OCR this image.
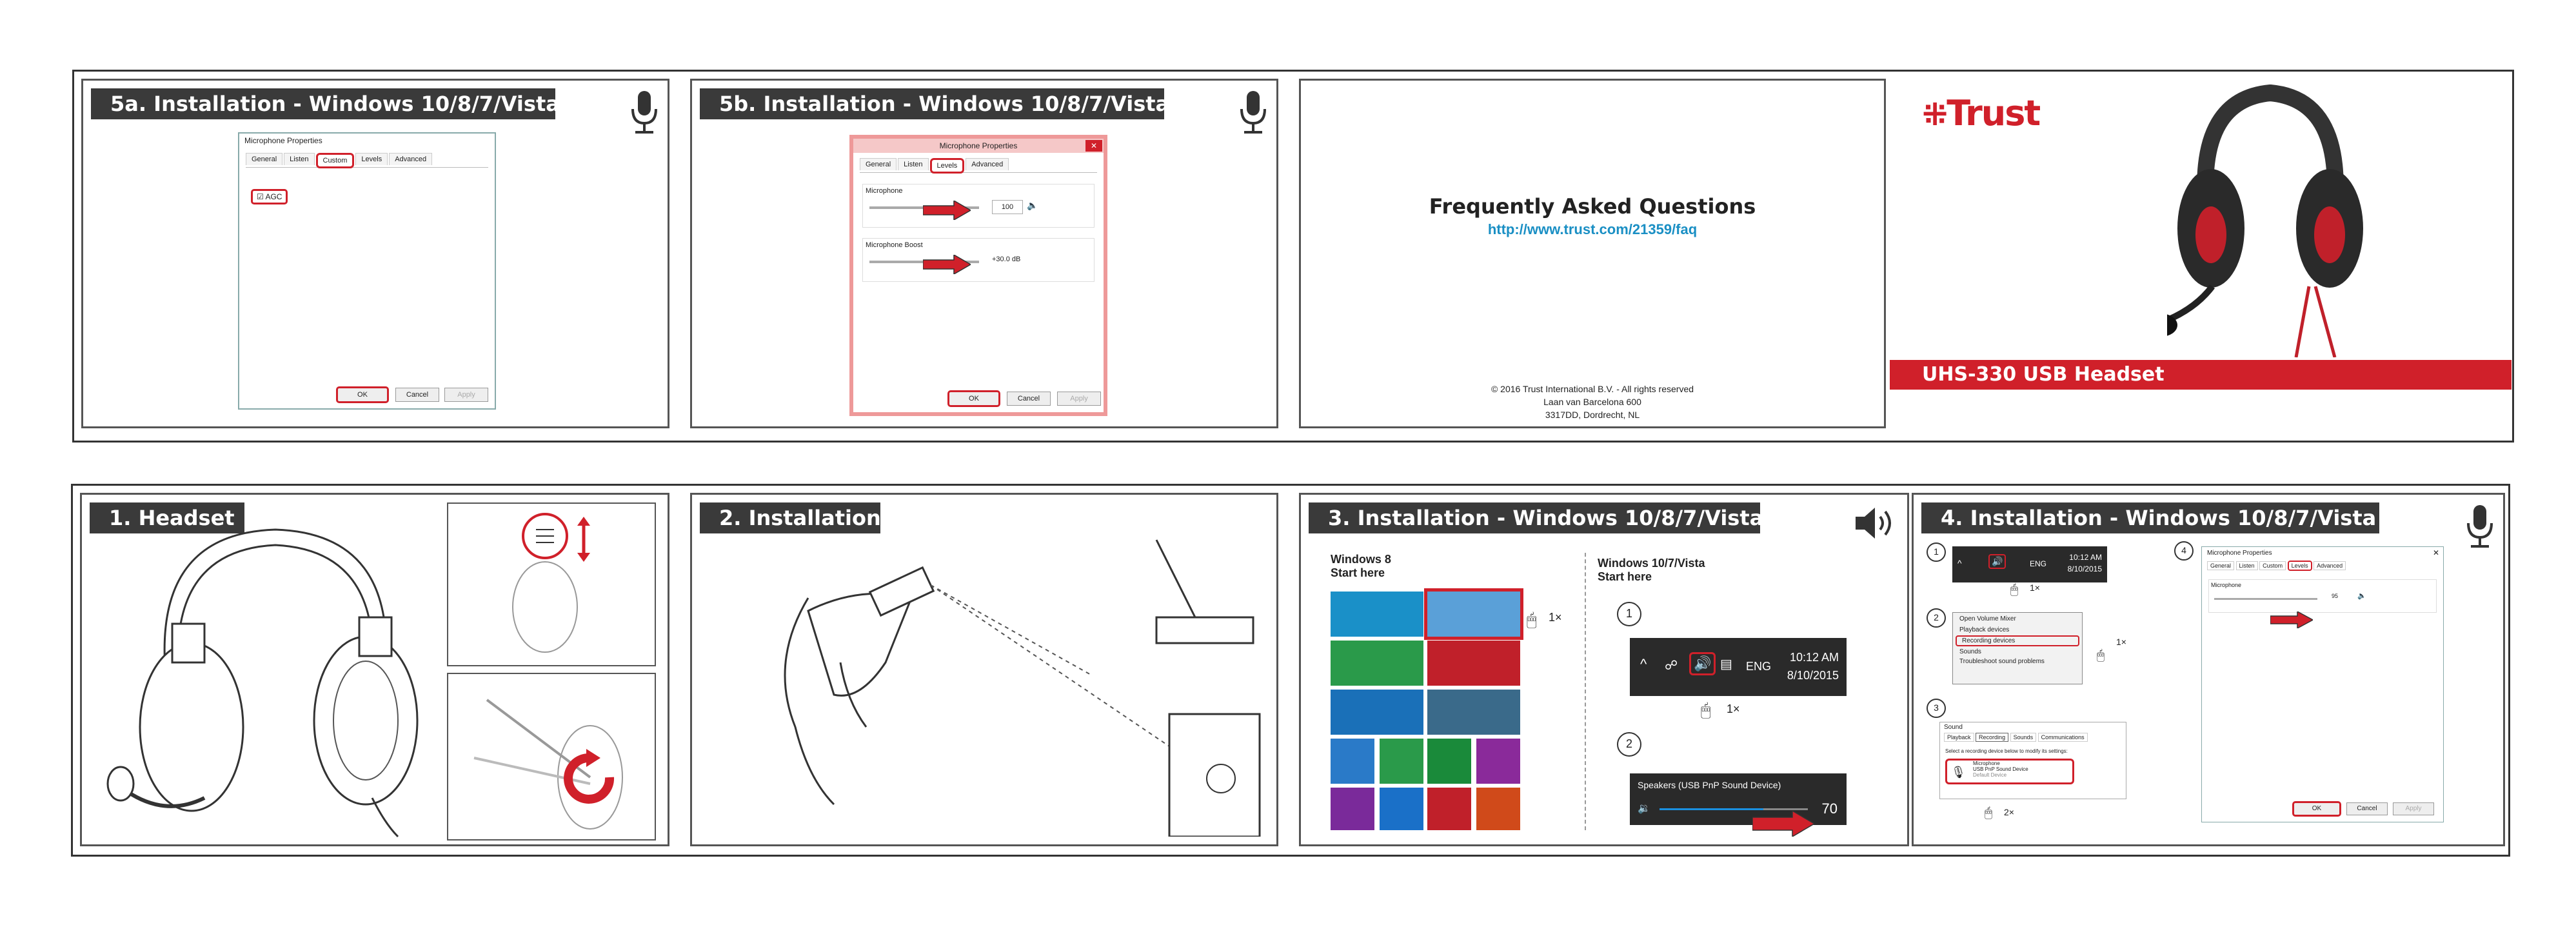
5a. Installation - Windows 10/8/7/Vista
Microphone Properties
General	Listen	Custom	Levels	Advanced
☑ AGC
OK	Cancel	Apply
5b. Installation - Windows 10/8/7/Vista
Microphone Properties	✕
General	Listen	Levels	Advanced
Microphone
100	🔈
Microphone Boost
+30.0 dB
OK	Cancel	Apply
Frequently Asked Questions
http://www.trust.com/21359/faq
© 2016 Trust International B.V. - All rights reserved
Laan van Barcelona 600
3317DD, Dordrecht, NL
⁜Trust
UHS-330 USB Headset
1. Headset	2. Installation	3. Installation - Windows 10/8/7/Vista
Windows 8
Start here
🖱 1×
Windows 10/7/Vista
Start here
1
^ ☍	🔊 ▤ ENG
10:12 AM
8/10/2015
🖱 1×
2
Speakers (USB PnP Sound Device)
🔉	70
4. Installation - Windows 10/8/7/Vista
1
^	🔊	ENG
10:12 AM
8/10/2015
🖱 1×
2	Open Volume Mixer
Playback devices
Recording devices
Sounds
Troubleshoot sound problems	🖱
1×
3
Sound
Playback Recording Sounds Communications
Select a recording device below to modify its settings:
🎙
Microphone
USB PnP Sound Device
Default Device
🖱 2×
4	Microphone Properties	✕
General Listen Custom Levels Advanced
Microphone
95	🔈
OK	Cancel	Apply
